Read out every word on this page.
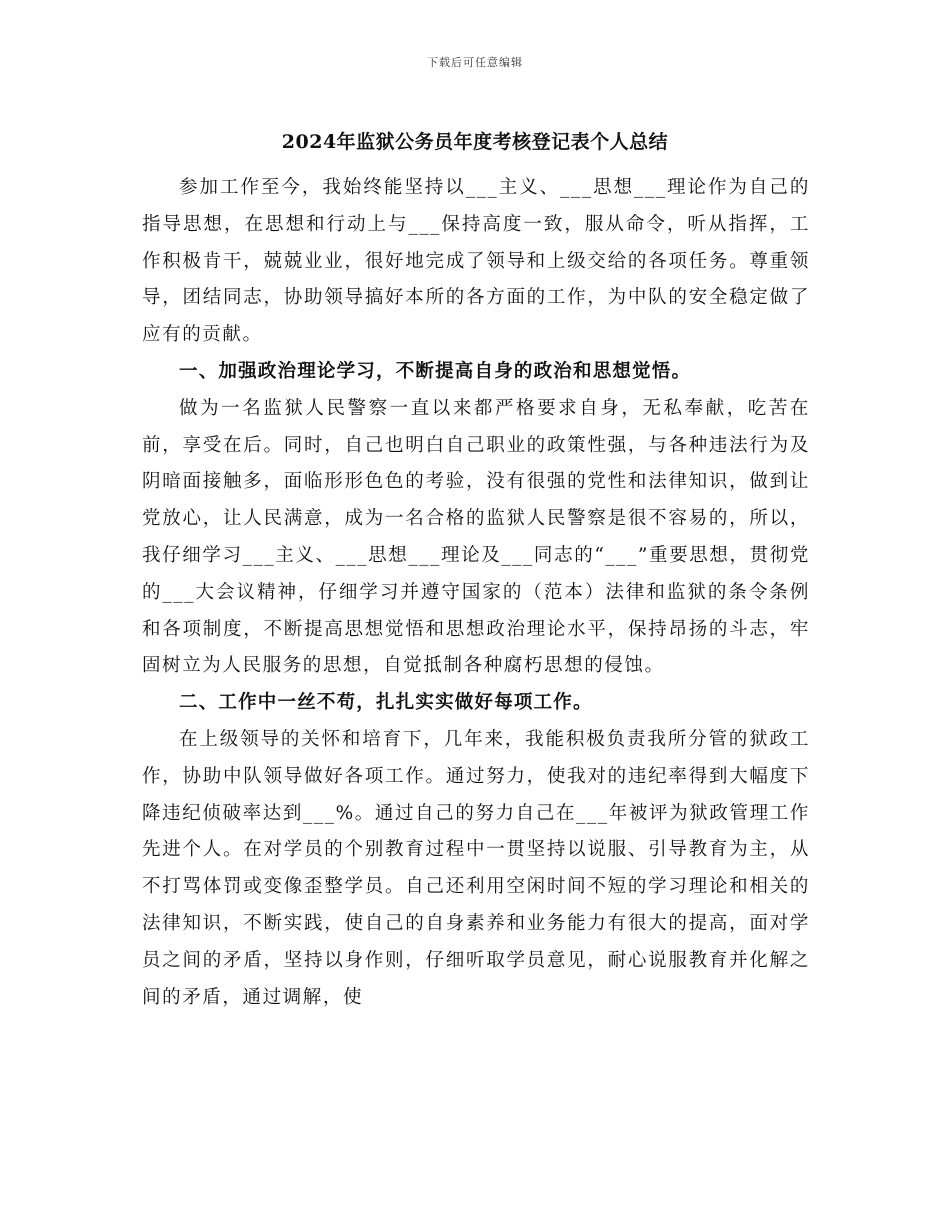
下载后可任意编辑
2024年监狱公务员年度考核登记表个人总结

参加工作至今，我始终能坚持以___主义、___思想___理论作为自己的指导思想，在思想和行动上与___保持高度一致，服从命令，听从指挥，工作积极肯干，兢兢业业，很好地完成了领导和上级交给的各项任务。尊重领导，团结同志，协助领导搞好本所的各方面的工作，为中队的安全稳定做了应有的贡献。

一、加强政治理论学习，不断提高自身的政治和思想觉悟。

做为一名监狱人民警察一直以来都严格要求自身，无私奉献，吃苦在前，享受在后。同时，自己也明白自己职业的政策性强，与各种违法行为及阴暗面接触多，面临形形色色的考验，没有很强的党性和法律知识，做到让党放心，让人民满意，成为一名合格的监狱人民警察是很不容易的，所以，我仔细学习___主义、___思想___理论及___同志的“___”重要思想，贯彻党的___大会议精神，仔细学习并遵守国家的（范本）法律和监狱的条令条例和各项制度，不断提高思想觉悟和思想政治理论水平，保持昂扬的斗志，牢固树立为人民服务的思想，自觉抵制各种腐朽思想的侵蚀。

二、工作中一丝不苟，扎扎实实做好每项工作。

在上级领导的关怀和培育下，几年来，我能积极负责我所分管的狱政工作，协助中队领导做好各项工作。通过努力，使我对的违纪率得到大幅度下降违纪侦破率达到___%。通过自己的努力自己在___年被评为狱政管理工作先进个人。在对学员的个别教育过程中一贯坚持以说服、引导教育为主，从不打骂体罚或变像歪整学员。自己还利用空闲时间不短的学习理论和相关的法律知识，不断实践，使自己的自身素养和业务能力有很大的提高，面对学员之间的矛盾，坚持以身作则，仔细听取学员意见，耐心说服教育并化解之间的矛盾，通过调解，使
